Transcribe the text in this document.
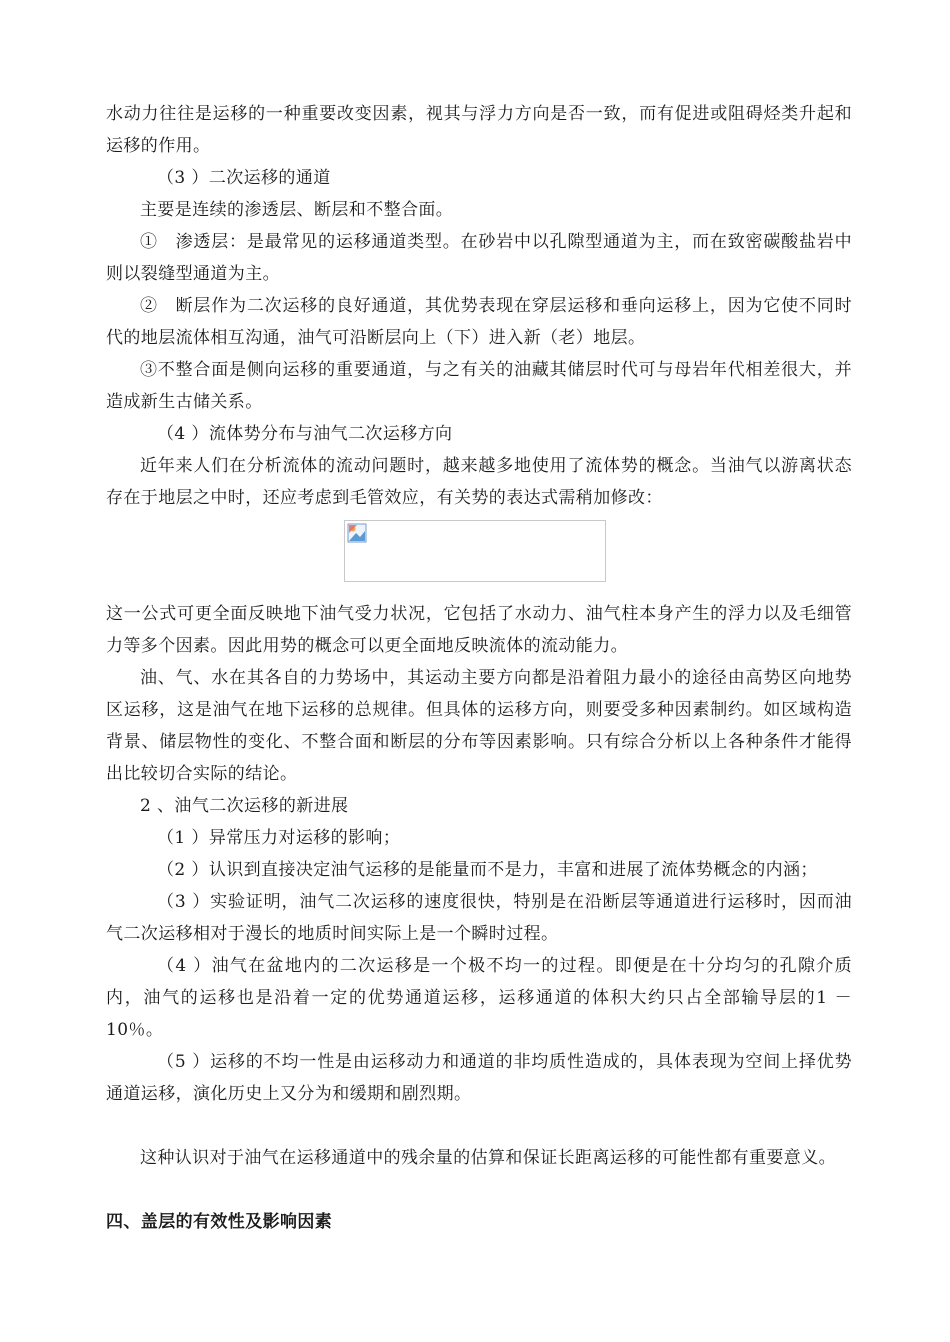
水动力往往是运移的一种重要改变因素，视其与浮力方向是否一致，而有促进或阻碍烃类升起和运移的作用。

（3 ）二次运移的通道

主要是连续的渗透层、断层和不整合面。

①　渗透层：是最常见的运移通道类型。在砂岩中以孔隙型通道为主，而在致密碳酸盐岩中则以裂缝型通道为主。

②　断层作为二次运移的良好通道，其优势表现在穿层运移和垂向运移上，因为它使不同时代的地层流体相互沟通，油气可沿断层向上（下）进入新（老）地层。

③不整合面是侧向运移的重要通道，与之有关的油藏其储层时代可与母岩年代相差很大，并造成新生古储关系。

（4 ）流体势分布与油气二次运移方向

近年来人们在分析流体的流动问题时，越来越多地使用了流体势的概念。当油气以游离状态存在于地层之中时，还应考虑到毛管效应，有关势的表达式需稍加修改：

这一公式可更全面反映地下油气受力状况，它包括了水动力、油气柱本身产生的浮力以及毛细管力等多个因素。因此用势的概念可以更全面地反映流体的流动能力。

油、气、水在其各自的力势场中，其运动主要方向都是沿着阻力最小的途径由高势区向地势区运移，这是油气在地下运移的总规律。但具体的运移方向，则要受多种因素制约。如区域构造背景、储层物性的变化、不整合面和断层的分布等因素影响。只有综合分析以上各种条件才能得出比较切合实际的结论。

2 、油气二次运移的新进展

（1 ）异常压力对运移的影响；

（2 ）认识到直接决定油气运移的是能量而不是力，丰富和进展了流体势概念的内涵；

（3 ）实验证明，油气二次运移的速度很快，特别是在沿断层等通道进行运移时，因而油气二次运移相对于漫长的地质时间实际上是一个瞬时过程。

（4 ）油气在盆地内的二次运移是一个极不均一的过程。即便是在十分均匀的孔隙介质内，油气的运移也是沿着一定的优势通道运移，运移通道的体积大约只占全部输导层的1 －10％。

（5 ）运移的不均一性是由运移动力和通道的非均质性造成的，具体表现为空间上择优势通道运移，演化历史上又分为和缓期和剧烈期。

这种认识对于油气在运移通道中的残余量的估算和保证长距离运移的可能性都有重要意义。

四、盖层的有效性及影响因素
